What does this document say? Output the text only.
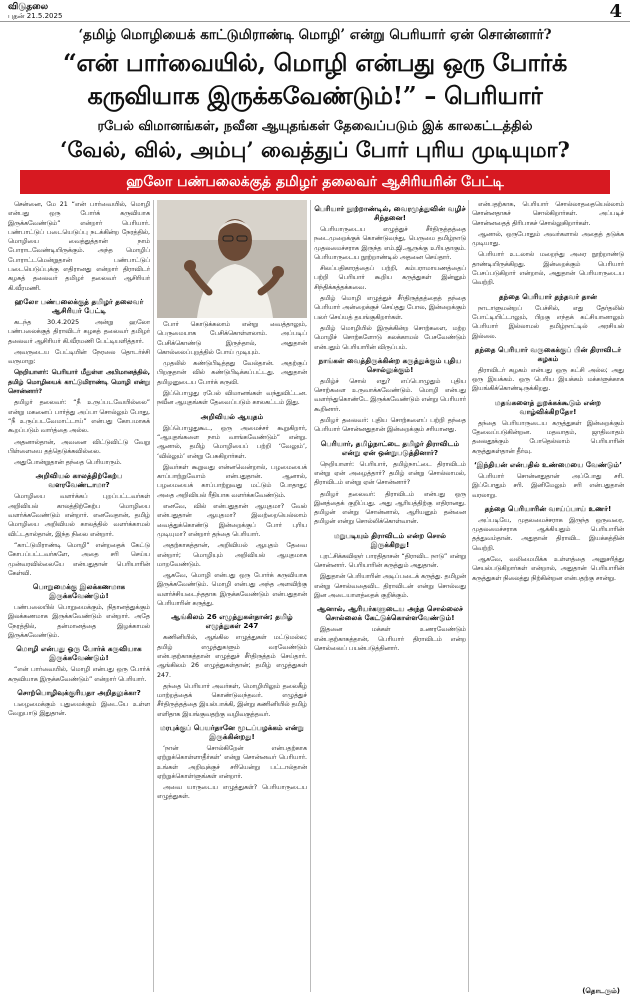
விடுதலை
புதன் 21.5.2025	4
‘தமிழ் மொழியைக் காட்டுமிராண்டி மொழி’ என்று பெரியார் ஏன் சொன்னார்?
“என் பார்வையில், மொழி என்பது ஒரு போர்க் கருவியாக இருக்கவேண்டும்!” – பெரியார்
ரபேல் விமானங்கள், நவீன ஆயுதங்கள் தேவைப்படும் இக் காலகட்டத்தில்
‘வேல், வில், அம்பு’ வைத்துப் போர் புரிய முடியுமா?
ஹலோ பண்பலைக்குத் தமிழர் தலைவர் ஆசிரியரின் பேட்டி

சென்னை, மே 21 “என் பார்வையில், மொழி என்பது ஒரு போர்க் கருவியாக இருக்கவேண்டும்” என்றார் பெரியார். பண்பாட்டுப் படையெடுப்பு நடக்கின்ற நேரத்தில், மொழியை வைத்துத்தான் நாம் போராடவேண்டியிருக்கும். அந்த மொழிப் போராட்டமென்றுதான் பண்பாட்டுப் படையெடுப்புக்கு எதிரானது என்றார் திராவிடர் கழகத் தலைவர் தமிழர் தலைவர் ஆசிரியர் கி.வீரமணி.

ஹலோ பண்பலைக்குத் தமிழர் தலைவர் ஆசிரியர் பேட்டி

கடந்த 30.4.2025 அன்று ஹலோ பண்பலைக்குத் திராவிடர் கழகத் தலைவர் தமிழர் தலைவர் ஆசிரியர் கி.வீரமணி பேட்டியளித்தார்.

அவருடைய பேட்டியின் நேரலை தொடர்ச்சி வருமாறு:

நெறியாளர்: பெரியார் மீதுள்ள அபிமானத்தில், தமிழ் மொழியைக் காட்டுமிராண்டி மொழி என்று சொன்னார்?

தமிழர் தலைவர்: “நீ உருப்படவேயில்லை” என்று மகனைப் பார்த்து அப்பா சொல்லும் போது, “நீ உருப்படவேமாட்டாய்” என்பது கோபமாகக் கூறப்படும் வார்த்தை அல்ல.

அதனால்தான், அவனை விட்டுவிட்டு வேறு பிள்ளையை தத்தெடுக்கவில்லை.

அதுபோன்றுதான் தந்தை பெரியாரும்.

அறிவியல் காலத்திற்கேற்ப வளரவேண்டாமா?

மொழியை வளர்க்கப் புறப்பட்டவர்கள் அறிவியல் காலத்திற்கேற்ப மொழியை வளர்க்கவேண்டும் என்றார். எனவேதான், தமிழ் மொழியை அறிவியல் காலத்தில் வளர்க்காமல் விட்டதால்தான், இந்த நிலை என்றார்.

“காட்டுமிராண்டி மொழி” என்றதைக் கேட்டு கோபப்பட்டவர்களே, அதை சரி செய்ய முன்வரவில்லையே என்பதுதான் பெரியாரின் கேள்வி.

பொறுமைக்கு இலக்கணமாக இருக்கவேண்டும்!

பண்பலையில் பொறுமைக்கும், நிதானத்துக்கும் இலக்கணமாக இருக்கவேண்டும் என்றார். அதே நேரத்தில், தன்மானத்தை இழக்காமல் இருக்கவேண்டும்.

மொழி என்பது ஒரு போர்க் கருவியாக இருக்கவேண்டும்!

“என் பார்வையில், மொழி என்பது ஒரு போர்க் கருவியாக இருக்கவேண்டும்” என்றார் பெரியார்.

சொற்பொழிவுக்குரியதா அறிதலுக்கா?

பழைமைக்கும் புதுமைக்கும் இடையே உள்ள வேறுபாடு இதுதான்.

போர் கொடுக்கலாம் என்று வைத்தாலும், பெருமையாக பேசிக்கொள்ளலாம். அப்படிப் பேசிக்கொண்டு இருந்தால், அதுதான் கொல்லைப்புறத்தில் போய் முடியும்.

முதலில் கண்டுபிடித்தது வேல்தான். அதற்குப் பிறகுதான் வில் கண்டுபிடிக்கப்பட்டது. அதுதான் தமிழனுடைய போர்க் கருவி.

இப்பொழுது ரபேல் விமானங்கள் வந்துவிட்டன. நவீன ஆயுதங்கள் தேவைப்படும் காலகட்டம் இது.

அறிவியல் ஆயுதம்

இப்பொழுதுகூட, ஒரு அமைச்சர் கூறுகிறார், “ஆயுதங்களை நாம் வாங்கவேண்டும்” என்று. ஆனால், தமிழ் மொழியைப் பற்றி ‘வேலும்’, ‘வில்லும்’ என்று பேசுகிறார்கள்.

இவர்கள் கூறுவது என்னவென்றால், பழமையைக் காப்பாற்றுவோம் என்பதுதான். ஆனால், பழமையைக் காப்பாற்றுவது மட்டும் போதாது; அதை அறிவியல் ரீதியாக வளர்க்கவேண்டும்.

எனவே, வில் என்பதுதான் ஆயுதமா? வேல் என்பதுதான் ஆயுதமா? இவற்றையெல்லாம் வைத்துக்கொண்டு இன்றைக்குப் போர் புரிய முடியுமா? என்றார் தந்தை பெரியார்.

அதற்காகத்தான், அறிவியல் ஆயுதம் தேவை என்றார்; மொழியும் அறிவியல் ஆயுதமாக மாறவேண்டும்.

ஆகவே, மொழி என்பது ஒரு போர்க் கருவியாக இருக்கவேண்டும். மொழி என்பது அந்த அளவிற்கு வளர்ச்சியடைந்ததாக இருக்கவேண்டும் என்பதுதான் பெரியாரின் கருத்து.

ஆங்கிலம் 26 எழுத்துகள்தான்; தமிழ் எழுத்துகள் 247

கணினியில், ஆங்கில எழுத்துகள் மட்டுமல்ல; தமிழ் எழுத்துகளும் வரவேண்டும் என்பதற்காகத்தான் எழுத்துச் சீர்திருத்தம் செய்தார். ஆங்கிலம் 26 எழுத்துகள்தான்; தமிழ் எழுத்துகள் 247.

தந்தை பெரியார் அவர்கள், மொழியிலும் தலைகீழ் மாற்றத்தைக் கொண்டுவந்தவர். எழுத்துச் சீர்திருத்தத்தை இயல்பாக்கி, இன்று கணினியில் தமிழ் எளிதாக இயங்குவதற்கு வழிவகுத்தவர்.

மரபுக்குப் பெயர்தானே மூடப்பழக்கம் என்று இருக்கின்றது!

‘நான் சொல்கிறேன் என்பதற்காக ஏற்றுக்கொள்ளாதீர்கள்’ என்று சொன்னவர் பெரியார். உங்கள் அறிவுக்குச் சரியென்று பட்டால்தான் ஏற்றுக்கொள்ளுங்கள் என்றார்.

அவை யாருடைய எழுத்துகள்? பெரியாருடைய எழுத்துகள்.

பெரியார் நூற்றாண்டில், வைரமுத்துவின் வழிச் சிந்தனை!

பெரியாருடைய எழுத்துச் சீர்திருத்தத்தை நடைமுறைக்குக் கொண்டுவந்து, பெருமை தமிழ்நாடு முதலமைச்சராக இருந்த எம்.ஜி.ஆருக்கு உரியதாகும். பெரியாருடைய நூற்றாண்டில் அதனை செய்தார்.

சிலப்பதிகாரத்தைப் பற்றி, கம்பராமாயணத்தைப் பற்றி பெரியார் கூறிய கருத்துகள் இன்னும் சிந்திக்கத்தக்கவை.

தமிழ் மொழி எழுத்துச் சீர்திருத்தத்தைத் தந்தை பெரியார் அன்றைக்குச் செய்தது போல, இன்றைக்கும் பலர் செய்யத் தயங்குகிறார்கள்.

தமிழ் மொழியில் இருக்கின்ற சொற்களை, மற்ற மொழிச் சொற்களோடு கலக்காமல் பேசவேண்டும் என்பதும் பெரியாரின் விருப்பம்.

நாங்கள் வைத்திருக்கின்ற கருத்துக்கும் புதிய சொல்லுக்கும்!

தமிழ்ச் சொல் எது? எப்பொழுதும் புதிய சொற்களை உருவாக்கவேண்டும். மொழி என்பது வளர்ந்துகொண்டே இருக்கவேண்டும் என்று பெரியார் கூறினார்.

தமிழர் தலைவர்: புதிய சொற்களைப் பற்றி தந்தை பெரியார் சொன்னதுதான் இன்றைக்கும் சரியானது.

பெரியார், தமிழ்நாட்டை தமிழர் திராவிடம் என்று ஏன் ஒன்றுபடுத்தினார்?

நெறியாளர்: பெரியார், தமிழ்நாட்டை திராவிடம் என்று ஏன் அழைத்தார்? தமிழ் என்று சொல்லாமல், திராவிடம் என்று ஏன் சொன்னார்?

தமிழர் தலைவர்: திராவிடம் என்பது ஒரு இனத்தைக் குறிப்பது. அது ஆரியத்திற்கு எதிரானது. தமிழன் என்று சொன்னால், ஆரியனும் தன்னை தமிழன் என்று சொல்லிக்கொள்வான்.

மறுபடியும் திராவிடம் என்ற சொல் இருக்கிறது!

புரட்சிக்கவிஞர் பாரதிதாசன் “திராவிட நாடு” என்று சொன்னார். பெரியாரின் கருத்தும் அதுதான்.

இதுதான் பெரியாரின் அடிப்படைக் கருத்து. தமிழன் என்று சொல்வதைவிட திராவிடன் என்று சொல்வது இன அடையாளத்தைக் குறிக்கும்.

ஆனால், ஆரியர்களுடைய அந்த சொல்லைச் சொல்லைக் கேட்டுக்கொள்ளவேண்டும்!

இதனை மக்கள் உணரவேண்டும் என்பதற்காகத்தான், பெரியார் திராவிடம் என்ற சொல்லைப் பயன்படுத்தினார்.

என்பதற்காக, பெரியார் சொல்லாததையெல்லாம் சொன்னதாகச் சொல்கிறார்கள். அப்படிச் சொன்னதைத் திரிபாகச் சொல்லுகிறார்கள்.

ஆனால், ஒருபோதும் அவர்களால் அதைத் தடுக்க முடியாது.

பெரியார் உடலால் மறைந்து அரை நூற்றாண்டு தாண்டியிருக்கிறது. இன்றைக்கும் பெரியார் பேசப்படுகிறார் என்றால், அதுதான் பெரியாருடைய வெற்றி.

தந்தை பெரியார் தந்தவர் தான்

நாடாளுமன்றப் பேச்சில், எது தேர்தலில் போட்டியிட்டாலும், பிறகு எந்தக் கட்சியானாலும் பெரியார் இல்லாமல் தமிழ்நாட்டில் அரசியல் இல்லை.

தந்தை பெரியார் வருகைக்குப் பின் திராவிடர் கழகம்

திராவிடர் கழகம் என்பது ஒரு கட்சி அல்ல; அது ஒரு இயக்கம். ஒரு பெரிய இயக்கம் மக்களுக்காக இயங்கிக்கொண்டிருக்கிறது.

மதங்களைத் துறக்கக்கூடும் என்ற வாழ்விக்கிறதோ!

தந்தை பெரியாருடைய கருத்துகள் இன்றைக்கும் தேவைப்படுகின்றன. மதவாதம், ஜாதிவாதம் தலைதூக்கும் போதெல்லாம் பெரியாரின் கருத்துகள்தான் தீர்வு.

‘இந்தியன் என்பதில் உண்மையை வேண்டும்’

பெரியார் சொன்னதுதான் அப்போது சரி. இப்போதும் சரி. இனிமேலும் சரி என்பதுதான் வரலாறு.

தந்தை பெரியாரின் வாய்ப்பாய் உணர்!

அப்படியே, முதலமைச்சராக இருந்த ஒருவரை, முதலமைச்சராக ஆக்கியதும் பெரியாரின் தத்துவம்தான். அதுதான் திராவிட இயக்கத்தின் வெற்றி.

ஆகவே, வலிமைமிக்க உள்ளத்தை அனுசரித்து செயல்படுகிறார்கள் என்றால், அதுதான் பெரியாரின் கருத்துகள் நிலைத்து நிற்கின்றன என்பதற்கு சான்று.

(தொடரும்)
